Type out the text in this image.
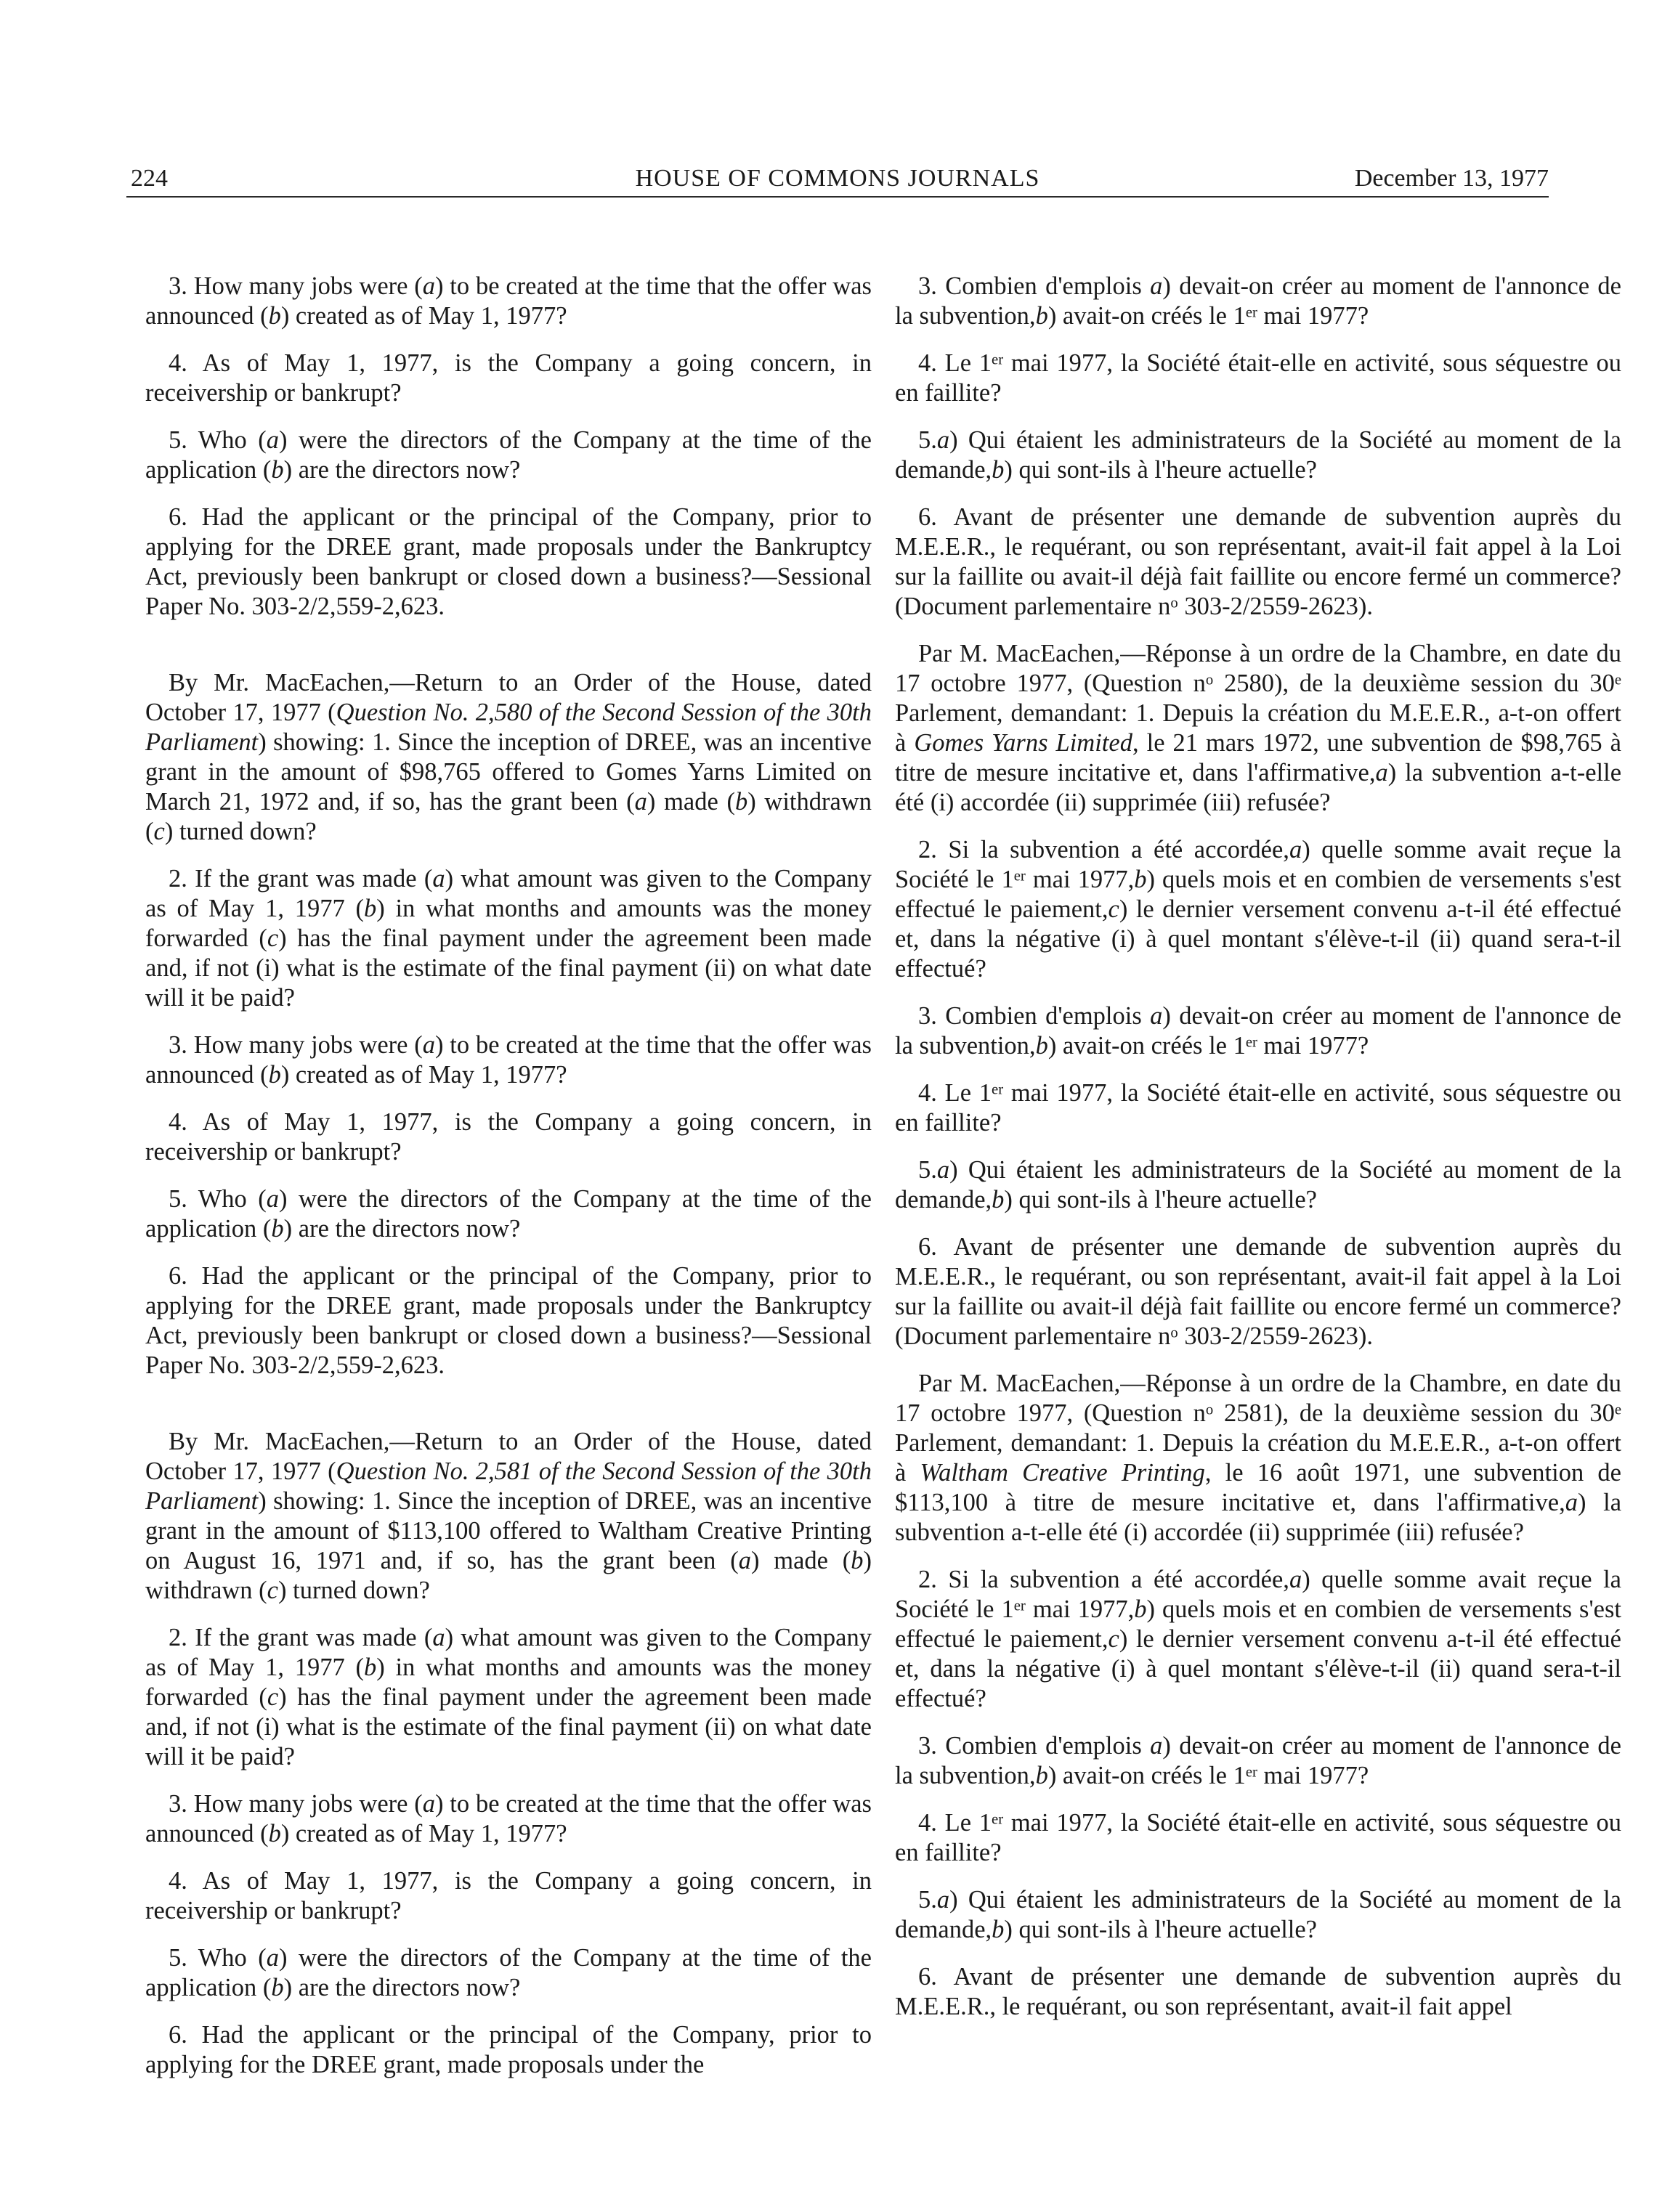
224	HOUSE OF COMMONS JOURNALS	December 13, 1977

3. How many jobs were (a) to be created at the time that the offer was announced (b) created as of May 1, 1977?

4. As of May 1, 1977, is the Company a going concern, in receivership or bankrupt?

5. Who (a) were the directors of the Company at the time of the application (b) are the directors now?

6. Had the applicant or the principal of the Company, prior to applying for the DREE grant, made proposals under the Bankruptcy Act, previously been bankrupt or closed down a business?—Sessional Paper No. 303-2/2,559-2,623.

By Mr. MacEachen,—Return to an Order of the House, dated October 17, 1977 (Question No. 2,580 of the Second Session of the 30th Parliament) showing: 1. Since the inception of DREE, was an incentive grant in the amount of $98,765 offered to Gomes Yarns Limited on March 21, 1972 and, if so, has the grant been (a) made (b) withdrawn (c) turned down?

2. If the grant was made (a) what amount was given to the Company as of May 1, 1977 (b) in what months and amounts was the money forwarded (c) has the final payment under the agreement been made and, if not (i) what is the estimate of the final payment (ii) on what date will it be paid?

3. How many jobs were (a) to be created at the time that the offer was announced (b) created as of May 1, 1977?

4. As of May 1, 1977, is the Company a going concern, in receivership or bankrupt?

5. Who (a) were the directors of the Company at the time of the application (b) are the directors now?

6. Had the applicant or the principal of the Company, prior to applying for the DREE grant, made proposals under the Bankruptcy Act, previously been bankrupt or closed down a business?—Sessional Paper No. 303-2/2,559-2,623.

By Mr. MacEachen,—Return to an Order of the House, dated October 17, 1977 (Question No. 2,581 of the Second Session of the 30th Parliament) showing: 1. Since the inception of DREE, was an incentive grant in the amount of $113,100 offered to Waltham Creative Printing on August 16, 1971 and, if so, has the grant been (a) made (b) withdrawn (c) turned down?

2. If the grant was made (a) what amount was given to the Company as of May 1, 1977 (b) in what months and amounts was the money forwarded (c) has the final payment under the agreement been made and, if not (i) what is the estimate of the final payment (ii) on what date will it be paid?

3. How many jobs were (a) to be created at the time that the offer was announced (b) created as of May 1, 1977?

4. As of May 1, 1977, is the Company a going concern, in receivership or bankrupt?

5. Who (a) were the directors of the Company at the time of the application (b) are the directors now?

6. Had the applicant or the principal of the Company, prior to applying for the DREE grant, made proposals under the

3. Combien d'emplois a) devait-on créer au moment de l'annonce de la subvention,b) avait-on créés le 1er mai 1977?

4. Le 1er mai 1977, la Société était-elle en activité, sous séquestre ou en faillite?

5.a) Qui étaient les administrateurs de la Société au moment de la demande,b) qui sont-ils à l'heure actuelle?

6. Avant de présenter une demande de subvention auprès du M.E.E.R., le requérant, ou son représentant, avait-il fait appel à la Loi sur la faillite ou avait-il déjà fait faillite ou encore fermé un commerce? (Document parlementaire $n^o$ 303-2/2559-2623).

Par M. MacEachen,—Réponse à un ordre de la Chambre, en date du 17 octobre 1977, (Question $n^o$ 2580), de la deuxième session du 30e Parlement, demandant: 1. Depuis la création du M.E.E.R., a-t-on offert à Gomes Yarns Limited, le 21 mars 1972, une subvention de $98,765 à titre de mesure incitative et, dans l'affirmative,a) la subvention a-t-elle été (i) accordée (ii) supprimée (iii) refusée?

2. Si la subvention a été accordée,a) quelle somme avait reçue la Société le 1er mai 1977,b) quels mois et en combien de versements s'est effectué le paiement,c) le dernier versement convenu a-t-il été effectué et, dans la négative (i) à quel montant s'élève-t-il (ii) quand sera-t-il effectué?

3. Combien d'emplois a) devait-on créer au moment de l'annonce de la subvention,b) avait-on créés le 1er mai 1977?

4. Le 1er mai 1977, la Société était-elle en activité, sous séquestre ou en faillite?

5.a) Qui étaient les administrateurs de la Société au moment de la demande,b) qui sont-ils à l'heure actuelle?

6. Avant de présenter une demande de subvention auprès du M.E.E.R., le requérant, ou son représentant, avait-il fait appel à la Loi sur la faillite ou avait-il déjà fait faillite ou encore fermé un commerce? (Document parlementaire $n^o$ 303-2/2559-2623).

Par M. MacEachen,—Réponse à un ordre de la Chambre, en date du 17 octobre 1977, (Question $n^o$ 2581), de la deuxième session du 30e Parlement, demandant: 1. Depuis la création du M.E.E.R., a-t-on offert à Waltham Creative Printing, le 16 août 1971, une subvention de $113,100 à titre de mesure incitative et, dans l'affirmative,a) la subvention a-t-elle été (i) accordée (ii) supprimée (iii) refusée?

2. Si la subvention a été accordée,a) quelle somme avait reçue la Société le 1er mai 1977,b) quels mois et en combien de versements s'est effectué le paiement,c) le dernier versement convenu a-t-il été effectué et, dans la négative (i) à quel montant s'élève-t-il (ii) quand sera-t-il effectué?

3. Combien d'emplois a) devait-on créer au moment de l'annonce de la subvention,b) avait-on créés le 1er mai 1977?

4. Le 1er mai 1977, la Société était-elle en activité, sous séquestre ou en faillite?

5.a) Qui étaient les administrateurs de la Société au moment de la demande,b) qui sont-ils à l'heure actuelle?

6. Avant de présenter une demande de subvention auprès du M.E.E.R., le requérant, ou son représentant, avait-il fait appel
